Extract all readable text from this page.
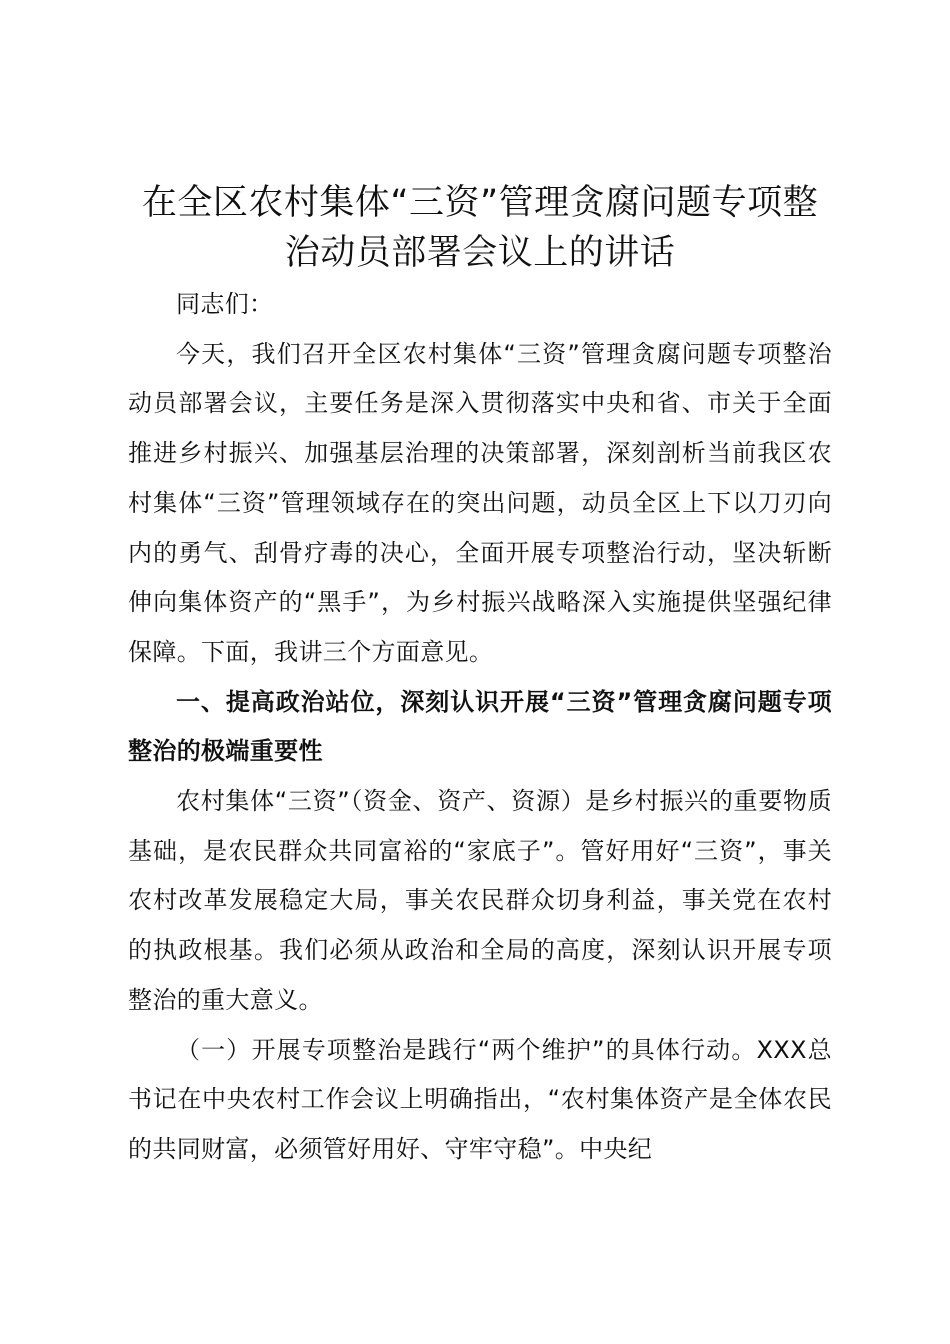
在全区农村集体“三资”管理贪腐问题专项整
治动员部署会议上的讲话

同志们：

今天，我们召开全区农村集体“三资”管理贪腐问题专项整治动员部署会议，主要任务是深入贯彻落实中央和省、市关于全面推进乡村振兴、加强基层治理的决策部署，深刻剖析当前我区农村集体“三资”管理领域存在的突出问题，动员全区上下以刀刃向内的勇气、刮骨疗毒的决心，全面开展专项整治行动，坚决斩断伸向集体资产的“黑手”，为乡村振兴战略深入实施提供坚强纪律保障。下面，我讲三个方面意见。

一、提高政治站位，深刻认识开展“三资”管理贪腐问题专项整治的极端重要性

农村集体“三资”（资金、资产、资源）是乡村振兴的重要物质基础，是农民群众共同富裕的“家底子”。管好用好“三资”，事关农村改革发展稳定大局，事关农民群众切身利益，事关党在农村的执政根基。我们必须从政治和全局的高度，深刻认识开展专项整治的重大意义。

（一）开展专项整治是践行“两个维护”的具体行动。XXX总书记在中央农村工作会议上明确指出，“农村集体资产是全体农民的共同财富，必须管好用好、守牢守稳”。中央纪
